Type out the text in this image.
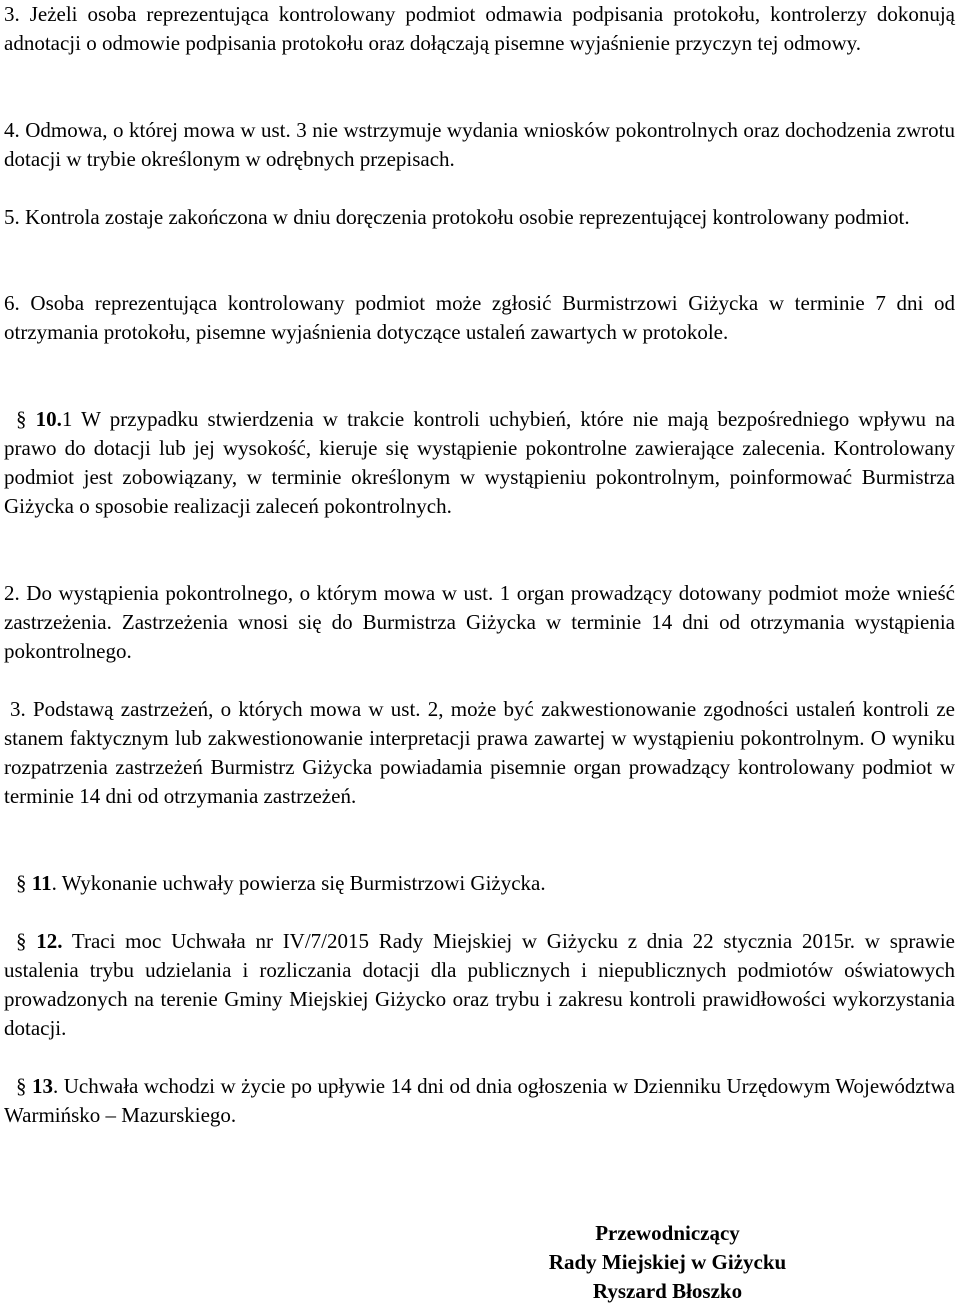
3. Jeżeli osoba reprezentująca kontrolowany podmiot odmawia podpisania protokołu, kontrolerzy dokonują adnotacji o odmowie podpisania protokołu oraz dołączają pisemne wyjaśnienie przyczyn tej odmowy.

4. Odmowa, o której mowa w ust. 3 nie wstrzymuje wydania wniosków pokontrolnych oraz dochodzenia zwrotu dotacji w trybie określonym w odrębnych przepisach.

5. Kontrola zostaje zakończona w dniu doręczenia protokołu osobie reprezentującej kontrolowany podmiot.

6. Osoba reprezentująca kontrolowany podmiot może zgłosić Burmistrzowi Giżycka w terminie 7 dni od otrzymania protokołu, pisemne wyjaśnienia dotyczące ustaleń zawartych w protokole.

§ 10.1 W przypadku stwierdzenia w trakcie kontroli uchybień, które nie mają bezpośredniego wpływu na prawo do dotacji lub jej wysokość, kieruje się wystąpienie pokontrolne zawierające zalecenia. Kontrolowany podmiot jest zobowiązany, w terminie określonym w wystąpieniu pokontrolnym, poinformować Burmistrza Giżycka o sposobie realizacji zaleceń pokontrolnych.

2. Do wystąpienia pokontrolnego, o którym mowa w ust. 1 organ prowadzący dotowany podmiot może wnieść zastrzeżenia. Zastrzeżenia wnosi się do Burmistrza Giżycka w terminie 14 dni od otrzymania wystąpienia pokontrolnego.

3. Podstawą zastrzeżeń, o których mowa w ust. 2, może być zakwestionowanie zgodności ustaleń kontroli ze stanem faktycznym lub zakwestionowanie interpretacji prawa zawartej w wystąpieniu pokontrolnym. O wyniku rozpatrzenia zastrzeżeń Burmistrz Giżycka powiadamia pisemnie organ prowadzący kontrolowany podmiot w terminie 14 dni od otrzymania zastrzeżeń.

§ 11. Wykonanie uchwały powierza się Burmistrzowi Giżycka.

§ 12. Traci moc Uchwała nr IV/7/2015 Rady Miejskiej w Giżycku z dnia 22 stycznia 2015r. w sprawie ustalenia trybu udzielania i rozliczania dotacji dla publicznych i niepublicznych podmiotów oświatowych prowadzonych na terenie Gminy Miejskiej Giżycko oraz trybu i zakresu kontroli prawidłowości wykorzystania dotacji.

§ 13. Uchwała wchodzi w życie po upływie 14 dni od dnia ogłoszenia w Dzienniku Urzędowym Województwa Warmińsko – Mazurskiego.

Przewodniczący
Rady Miejskiej w Giżycku
Ryszard Błoszko
